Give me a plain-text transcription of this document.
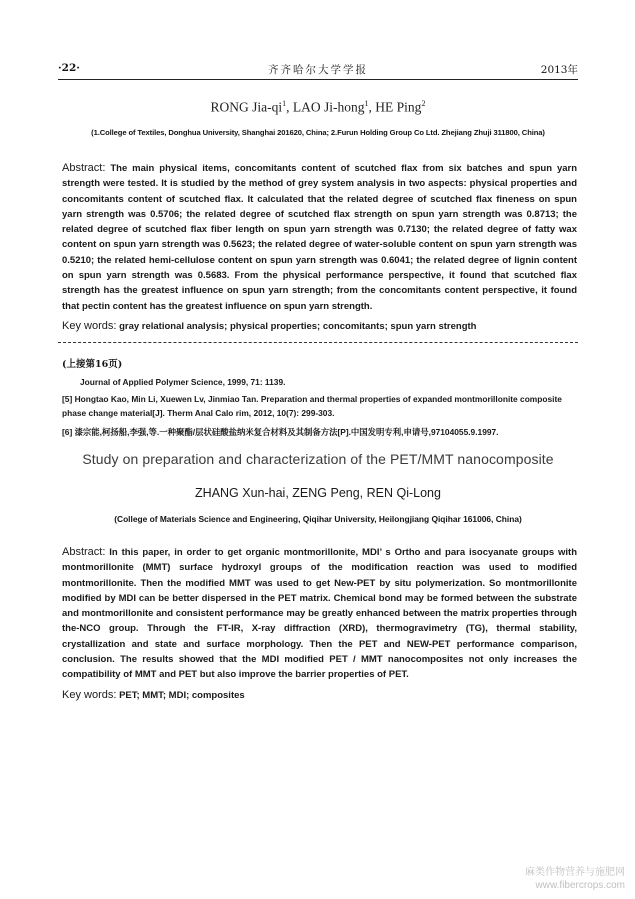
·22·	齐齐哈尔大学学报	2013年
RONG Jia-$qi^1$, LAO Ji-hong$^1$, HE Ping$^2$
(1.College of Textiles, Donghua University, Shanghai 201620, China; 2.Furun Holding Group Co Ltd. Zhejiang Zhuji 311800, China)
Abstract: The main physical items, concomitants content of scutched flax from six batches and spun yarn strength were tested. It is studied by the method of grey system analysis in two aspects: physical properties and concomitants content of scutched flax. It calculated that the related degree of scutched flax fineness on spun yarn strength was 0.5706; the related degree of scutched flax strength on spun yarn strength was 0.8713; the related degree of scutched flax fiber length on spun yarn strength was 0.7130; the related degree of fatty wax content on spun yarn strength was 0.5623; the related degree of water-soluble content on spun yarn strength was 0.5210; the related hemi-cellulose content on spun yarn strength was 0.6041; the related degree of lignin content on spun yarn strength was 0.5683. From the physical performance perspective, it found that scutched flax strength has the greatest influence on spun yarn strength; from the concomitants content perspective, it found that pectin content has the greatest influence on spun yarn strength.
Key words: gray relational analysis; physical properties; concomitants; spun yarn strength
(上接第16页)
Journal of Applied Polymer Science, 1999, 71: 1139.
[5] Hongtao Kao, Min Li, Xuewen Lv, Jinmiao Tan. Preparation and thermal properties of expanded montmorillonite composite phase change material[J]. Therm Anal Calo rim, 2012, 10(7): 299-303.
[6] 漆宗能,柯扬船,李强,等.一种聚酯/层状硅酸盐纳米复合材料及其制备方法[P].中国发明专利,申请号,97104055.9.1997.
Study on preparation and characterization of the PET/MMT nanocomposite
ZHANG Xun-hai, ZENG Peng, REN Qi-Long
(College of Materials Science and Engineering, Qiqihar University, Heilongjiang Qiqihar 161006, China)
Abstract: In this paper, in order to get organic montmorillonite, MDI’ s Ortho and para isocyanate groups with montmorillonite (MMT) surface hydroxyl groups of the modification reaction was used to modified montmorillonite. Then the modified MMT was used to get New-PET by situ polymerization. So montmorillonite modified by MDI can be better dispersed in the PET matrix. Chemical bond may be formed between the substrate and montmorillonite and consistent performance may be greatly enhanced between the matrix properties through the-NCO group. Through the FT-IR, X-ray diffraction (XRD), thermogravimetry (TG), thermal stability, crystallization and state and surface morphology. Then the PET and NEW-PET performance comparison, conclusion. The results showed that the MDI modified PET / MMT nanocomposites not only increases the compatibility of MMT and PET but also improve the barrier properties of PET.
Key words: PET; MMT; MDI; composites
麻类作物营养与施肥网
www.fibercrops.com
